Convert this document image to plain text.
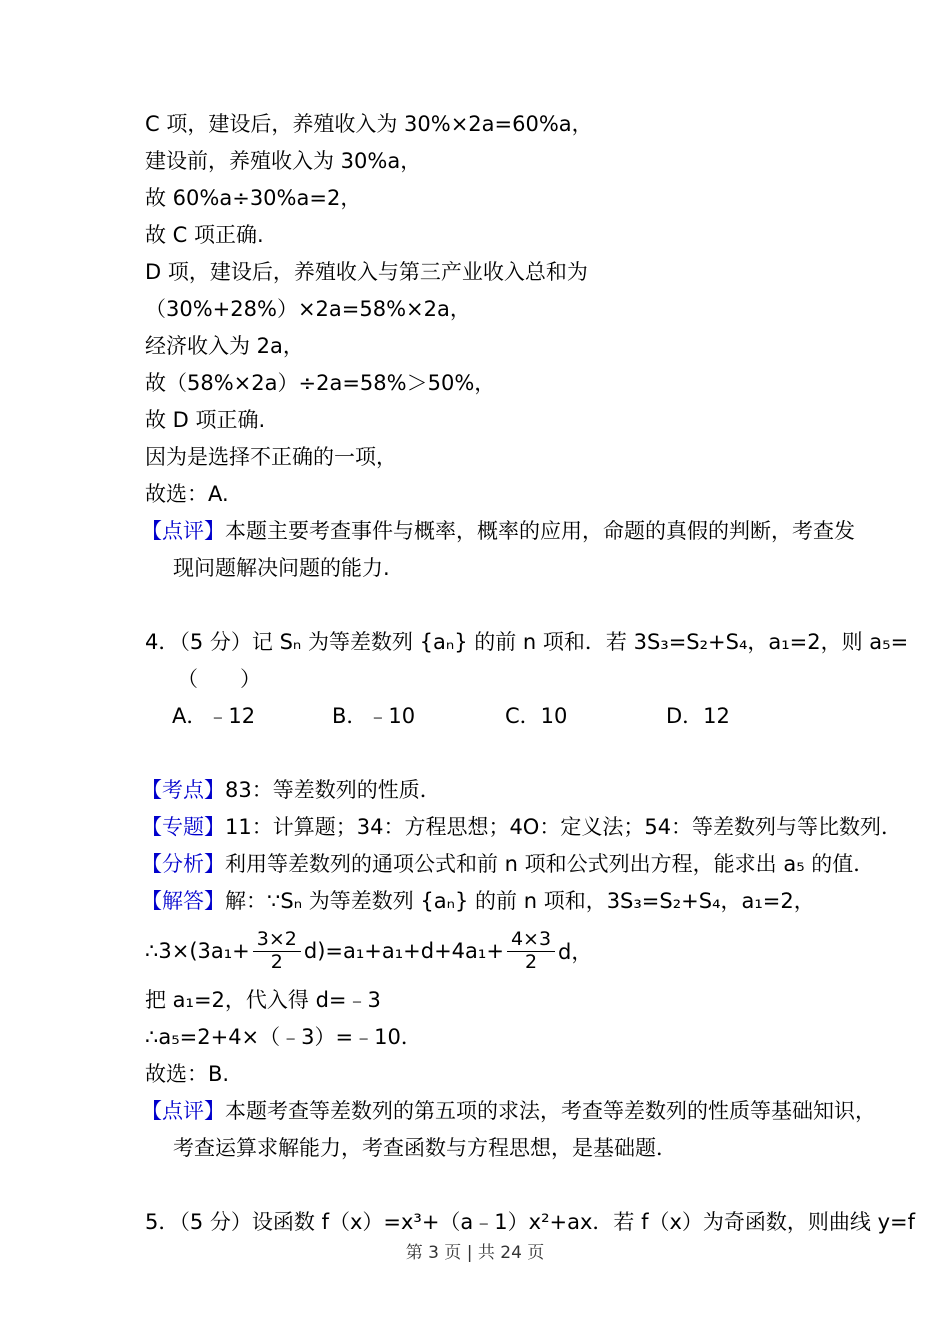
C 项，建设后，养殖收入为 30%×2a=60%a，
建设前，养殖收入为 30%a，
故 60%a÷30%a=2，
故 C 项正确.
D 项，建设后，养殖收入与第三产业收入总和为
（30%+28%）×2a=58%×2a，
经济收入为 2a，
故（58%×2a）÷2a=58%＞50%，
故 D 项正确.
因为是选择不正确的一项，
故选：A.
【点评】本题主要考查事件与概率，概率的应用，命题的真假的判断，考查发
现问题解决问题的能力.
4．（5 分）记 Sₙ 为等差数列 {aₙ} 的前 n 项和．若 3S₃=S₂+S₄，a₁=2，则 a₅=
（　　）
A．﹣12	B．﹣10	C．10	D．12
【考点】83：等差数列的性质．
【专题】11：计算题；34：方程思想；4O：定义法；54：等差数列与等比数列．
【分析】利用等差数列的通项公式和前 n 项和公式列出方程，能求出 a₅ 的值．
【解答】解：∵Sₙ 为等差数列 {aₙ} 的前 n 项和，3S₃=S₂+S₄，a₁=2，
∴3×(3a₁+ $\frac{3\times 2}{2} d)=a_1+a_1+d+4a_1+ \frac{4\times 3}{2}$ d，
把 a₁=2，代入得 d=﹣3
∴a₅=2+4×（﹣3）=﹣10．
故选：B.
【点评】本题考查等差数列的第五项的求法，考查等差数列的性质等基础知识，
考查运算求解能力，考查函数与方程思想，是基础题．
5．（5 分）设函数 f（x）=x³+（a﹣1）x²+ax．若 f（x）为奇函数，则曲线 y=f
第 3 页 | 共 24 页
